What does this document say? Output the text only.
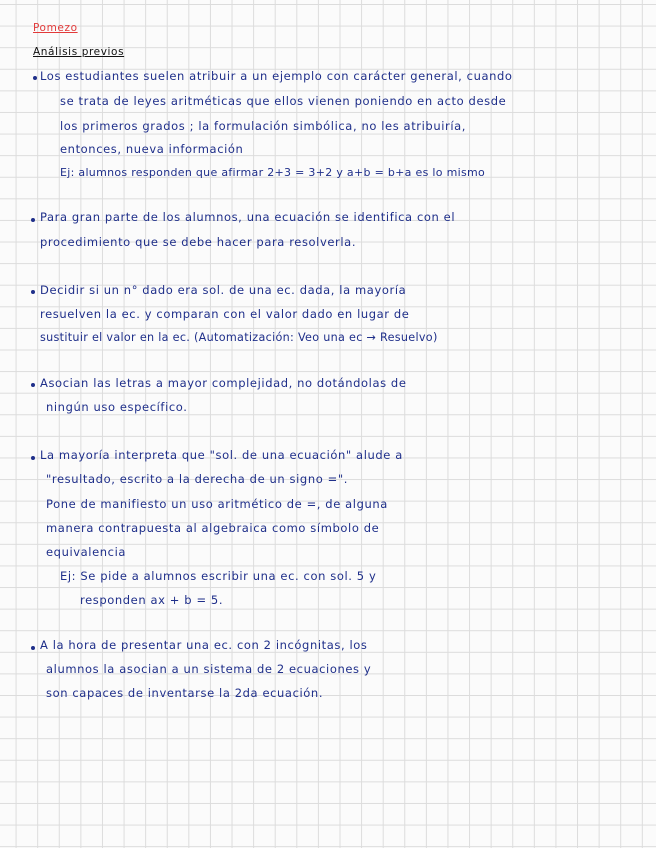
Pomezo
Análisis previos
Los estudiantes suelen atribuir a un ejemplo con carácter general, cuando
se trata de leyes aritméticas que ellos vienen poniendo en acto desde
los primeros grados ; la formulación simbólica, no les atribuiría,
entonces, nueva información
Ej: alumnos responden que afirmar 2+3 = 3+2 y a+b = b+a es lo mismo
Para gran parte de los alumnos, una ecuación se identifica con el
procedimiento que se debe hacer para resolverla.
Decidir si un n° dado era sol. de una ec. dada, la mayoría
resuelven la ec. y comparan con el valor dado en lugar de
sustituir el valor en la ec. (Automatización: Veo una ec → Resuelvo)
Asocian las letras a mayor complejidad, no dotándolas de
ningún uso específico.
La mayoría interpreta que "sol. de una ecuación" alude a
"resultado, escrito a la derecha de un signo =".
Pone de manifiesto un uso aritmético de =, de alguna
manera contrapuesta al algebraica como símbolo de
equivalencia
Ej: Se pide a alumnos escribir una ec. con sol. 5 y
responden ax + b = 5.
A la hora de presentar una ec. con 2 incógnitas, los
alumnos la asocian a un sistema de 2 ecuaciones y
son capaces de inventarse la 2da ecuación.
